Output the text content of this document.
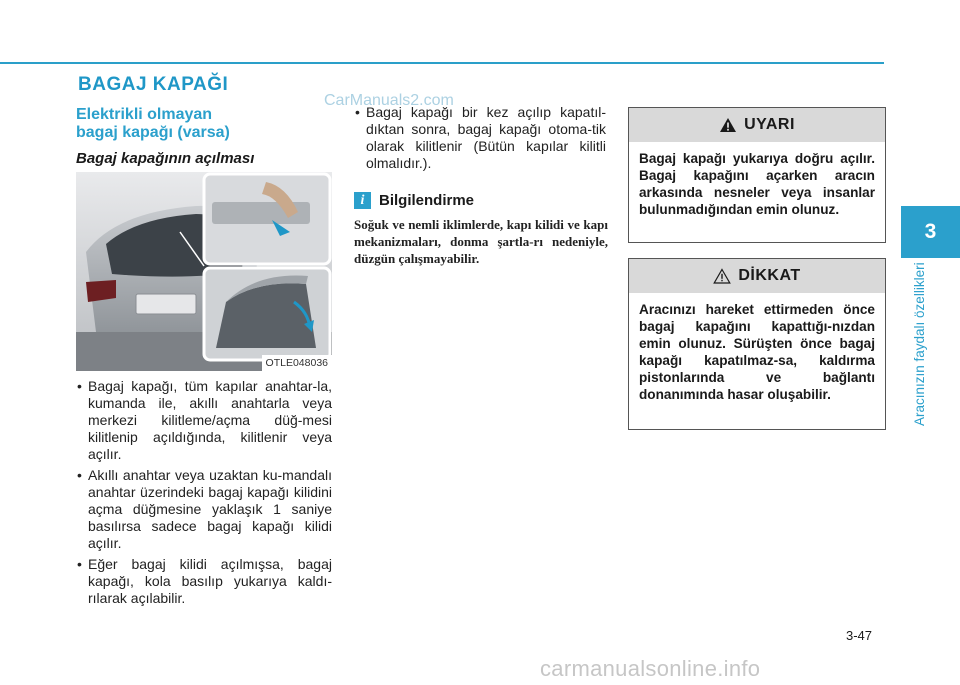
CarManuals2.com
BAGAJ KAPAĞI
Elektrikli olmayan
bagaj kapağı (varsa)
Bagaj kapağının açılması
OTLE048036
• Bagaj kapağı, tüm kapılar anahtar-la, kumanda ile, akıllı anahtarla veya merkezi kilitleme/açma düğ-mesi kilitlenip açıldığında, kilitlenir veya açılır.
• Akıllı anahtar veya uzaktan ku-mandalı anahtar üzerindeki bagaj kapağı kilidini açma düğmesine yaklaşık 1 saniye basılırsa sadece bagaj kapağı kilidi açılır.
• Eğer bagaj kilidi açılmışsa, bagaj kapağı, kola basılıp yukarıya kaldı-rılarak açılabilir.
• Bagaj kapağı bir kez açılıp kapatıl-dıktan sonra, bagaj kapağı otoma-tik olarak kilitlenir (Bütün kapılar kilitli olmalıdır.).
i Bilgilendirme
Soğuk ve nemli iklimlerde, kapı kilidi ve kapı mekanizmaları, donma şartla-rı nedeniyle, düzgün çalışmayabilir.
UYARI
Bagaj kapağı yukarıya doğru açılır. Bagaj kapağını açarken aracın arkasında nesneler veya insanlar bulunmadığından emin olunuz.
DİKKAT
Aracınızı hareket ettirmeden önce bagaj kapağını kapattığı-nızdan emin olunuz. Sürüşten önce bagaj kapağı kapatılmaz-sa, kaldırma pistonlarında ve bağlantı donanımında hasar oluşabilir.
3
Aracınızın faydalı özellikleri
3-47
carmanualsonline.info
